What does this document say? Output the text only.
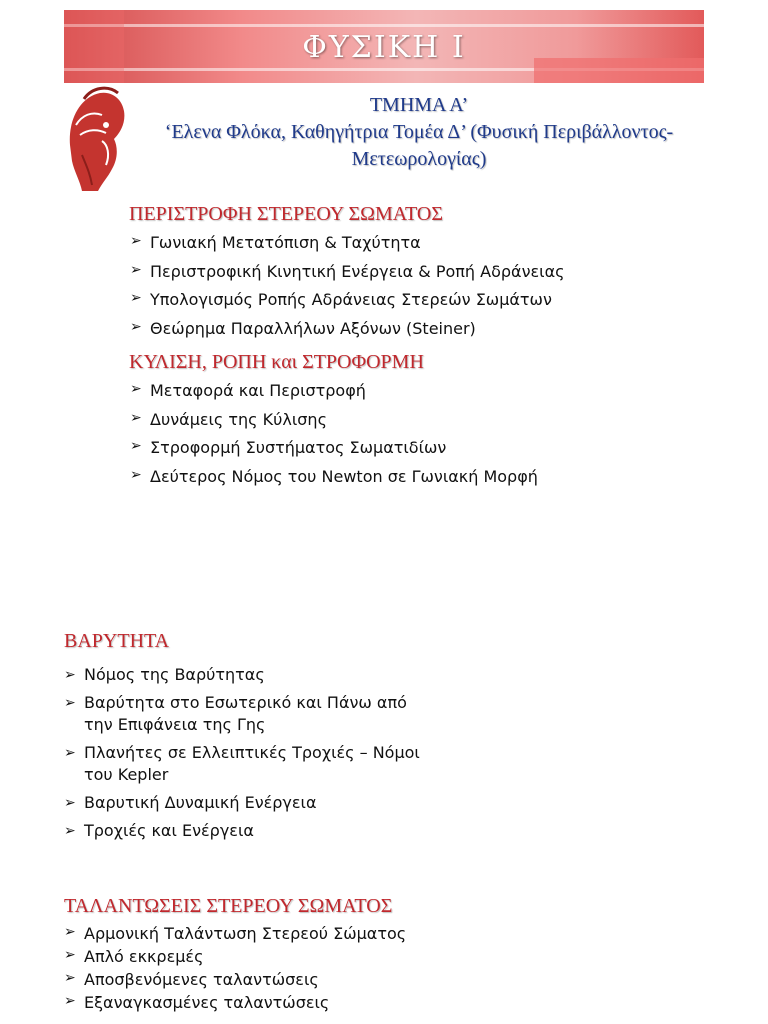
ΦΥΣΙΚΗ Ι
ΤΜΗΜΑ Α’
‘Ελενα Φλόκα, Καθηγήτρια Τομέα Δ’ (Φυσική Περιβάλλοντος-Μετεωρολογίας)
ΠΕΡΙΣΤΡΟΦΗ ΣΤΕΡΕΟΥ ΣΩΜΑΤΟΣ
➢ Γωνιακή Μετατόπιση & Ταχύτητα
➢ Περιστροφική Κινητική Ενέργεια & Ροπή Αδράνειας
➢ Υπολογισμός Ροπής Αδράνειας Στερεών Σωμάτων
➢ Θεώρημα Παραλλήλων Αξόνων (Steiner)
ΚΥΛΙΣΗ, ΡΟΠΗ και ΣΤΡΟΦΟΡΜΗ
➢ Μεταφορά και Περιστροφή
➢ Δυνάμεις της Κύλισης
➢ Στροφορμή Συστήματος Σωματιδίων
➢ Δεύτερος Νόμος του Newton σε Γωνιακή Μορφή
ΒΑΡΥΤΗΤΑ
➢ Νόμος της Βαρύτητας
➢ Βαρύτητα στο Εσωτερικό και Πάνω από την Επιφάνεια της Γης
➢ Πλανήτες σε Ελλειπτικές Τροχιές – Νόμοι του Kepler
➢ Βαρυτική Δυναμική Ενέργεια
➢ Τροχιές και Ενέργεια
ΤΑΛΑΝΤΩΣΕΙΣ ΣΤΕΡΕΟΥ ΣΩΜΑΤΟΣ
➢ Αρμονική Ταλάντωση Στερεού Σώματος
➢ Απλό εκκρεμές
➢ Αποσβενόμενες ταλαντώσεις
➢ Εξαναγκασμένες ταλαντώσεις
